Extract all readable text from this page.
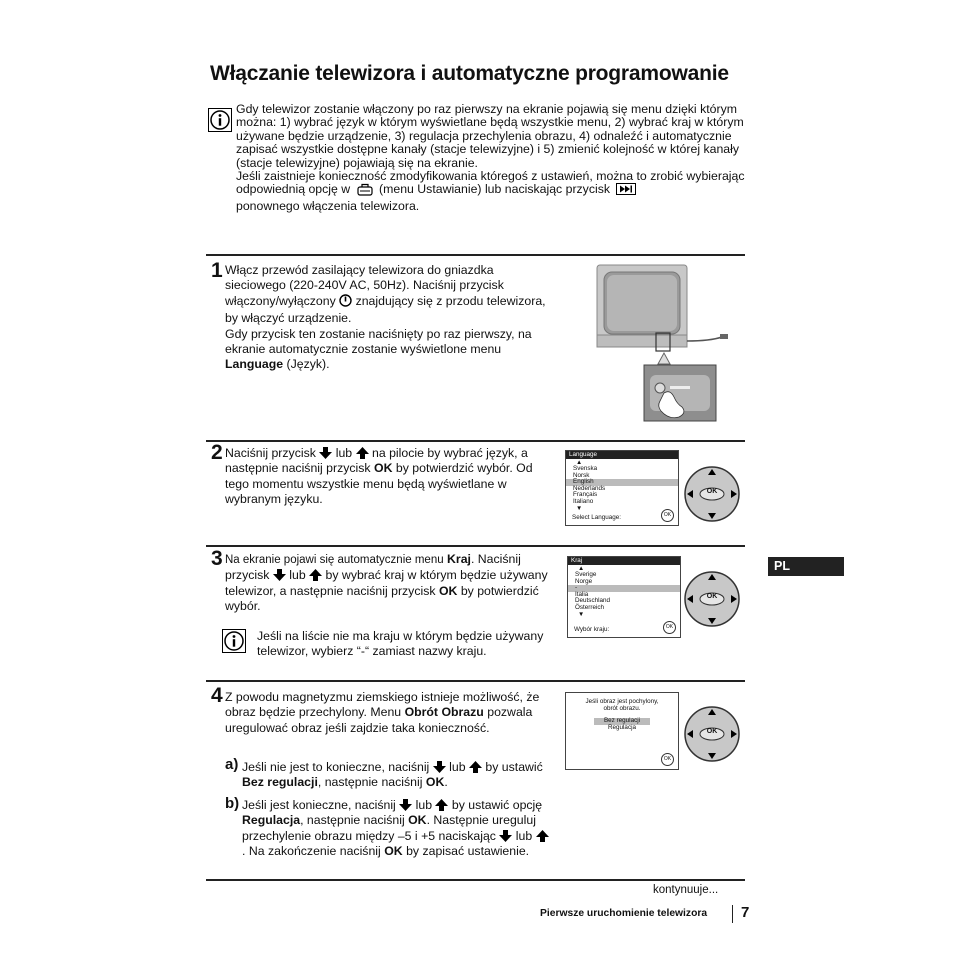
Włączanie telewizora i automatyczne programowanie

Gdy telewizor zostanie włączony po raz pierwszy na ekranie pojawią się menu dzięki którym można: 1) wybrać język w którym wyświetlane będą wszystkie menu, 2) wybrać kraj w którym używane będzie urządzenie, 3) regulacja przechylenia obrazu, 4) odnaleźć i automatycznie zapisać wszystkie dostępne kanały (stacje telewizyjne) i 5) zmienić kolejność w której kanały (stacje telewizyjne) pojawiają się na ekranie.

Jeśli zaistnieje konieczność zmodyfikowania któregoś z ustawień, można to zrobić wybierając odpowiednią opcję w (menu Ustawianie) lub naciskając przycisk
ponownego włączenia telewizora.

1 Włącz przewód zasilający telewizora do gniazdka sieciowego (220-240V AC, 50Hz). Naciśnij przycisk włączony/wyłączony znajdujący się z przodu telewizora, by włączyć urządzenie.

Gdy przycisk ten zostanie naciśnięty po raz pierwszy, na ekranie automatycznie zostanie wyświetlone menu Language (Język).

2 Naciśnij przycisk lub na pilocie by wybrać język, a następnie naciśnij przycisk OK by potwierdzić wybór. Od tego momentu wszystkie menu będą wyświetlane w wybranym języku.

Language
▲
Svenska
Norsk
English
Nederlands
Français
Italiano
▼
Select Language:	OK
3 Na ekranie pojawi się automatycznie menu Kraj. Naciśnij przycisk lub by wybrać kraj w którym będzie używany telewizor, a następnie naciśnij przycisk OK by potwierdzić wybór.

Jeśli na liście nie ma kraju w którym będzie używany telewizor, wybierz “-“ zamiast nazwy kraju.
Kraj
▲
Sverige
Norge
-
Italia
Deutschland
Österreich
▼
Wybór kraju:	OK
4 Z powodu magnetyzmu ziemskiego istnieje możliwość, że obraz będzie przechylony. Menu Obrót Obrazu pozwala uregulować obraz jeśli zajdzie taka konieczność.

a) Jeśli nie jest to konieczne, naciśnij lub by ustawić Bez regulacji, następnie naciśnij OK.

b) Jeśli jest konieczne, naciśnij lub by ustawić opcję Regulacja, następnie naciśnij OK. Następnie ureguluj przechylenie obrazu między –5 i +5 naciskając lub  . Na zakończenie naciśnij OK by zapisać ustawienie.

Jeśli obraz jest pochylony,
obrót obrazu.
Bez regulacji
Regulacja
OK
OK
OK
OK
PL
kontynuuje...
Pierwsze uruchomienie telewizora 7
